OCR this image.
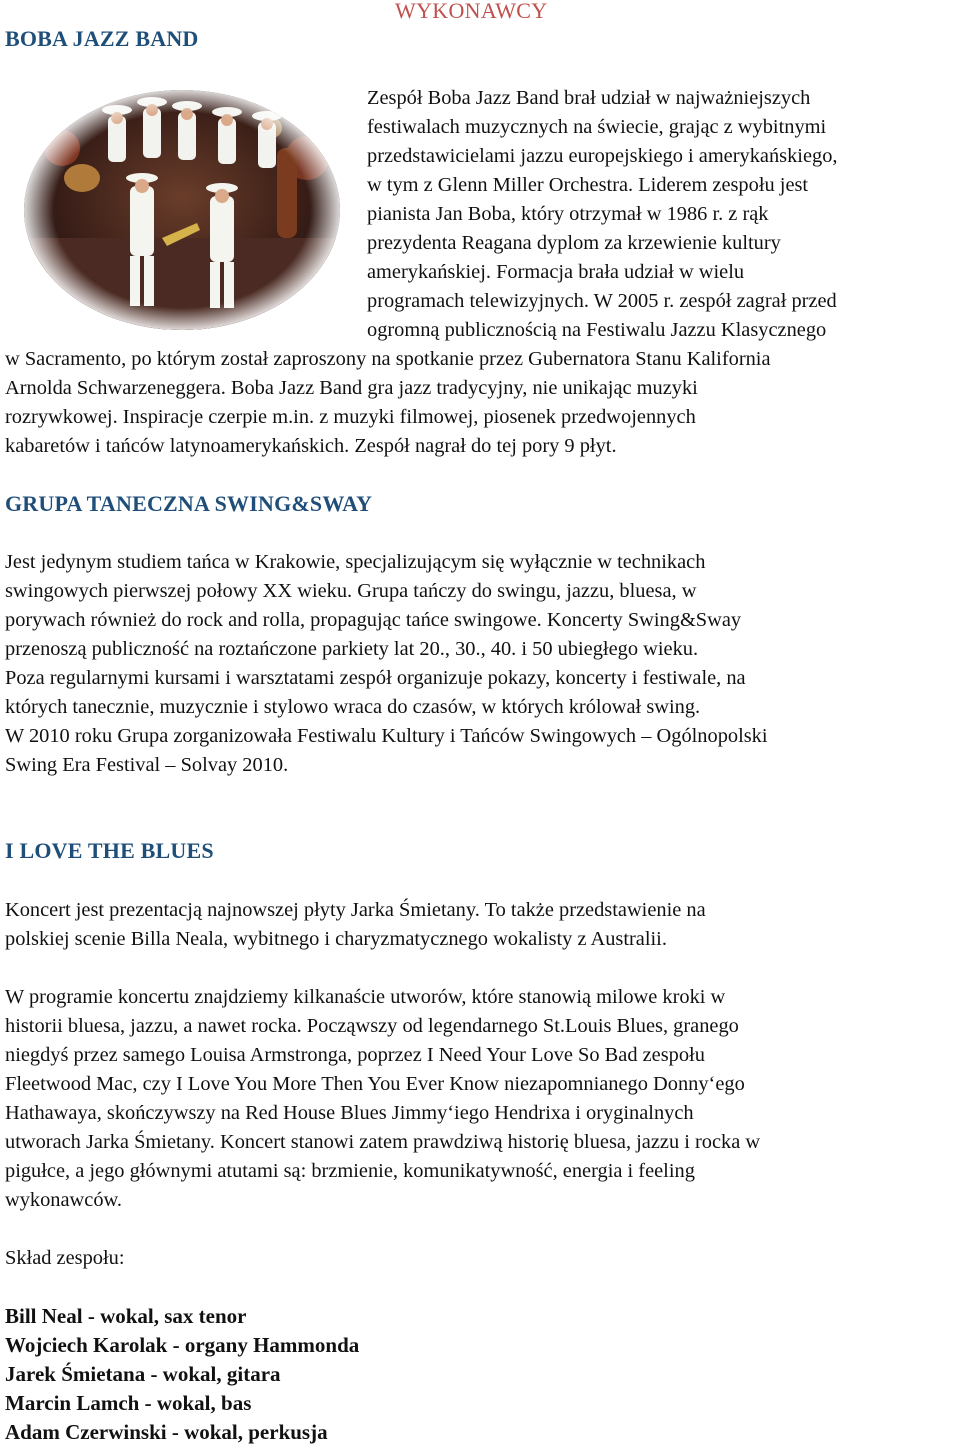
WYKONAWCY
BOBA JAZZ BAND
Zespół Boba Jazz Band brał udział w najważniejszych
festiwalach muzycznych na świecie, grając z wybitnymi
przedstawicielami jazzu europejskiego i amerykańskiego,
w tym z Glenn Miller Orchestra. Liderem zespołu jest
pianista Jan Boba, który otrzymał w 1986 r. z rąk
prezydenta Reagana dyplom za krzewienie kultury
amerykańskiej. Formacja brała udział w wielu
programach telewizyjnych. W 2005 r. zespół zagrał przed
ogromną publicznością na Festiwalu Jazzu Klasycznego
w Sacramento, po którym został zaproszony na spotkanie przez Gubernatora Stanu Kalifornia
Arnolda Schwarzeneggera. Boba Jazz Band gra jazz tradycyjny, nie unikając muzyki
rozrywkowej. Inspiracje czerpie m.in. z muzyki filmowej, piosenek przedwojennych
kabaretów i tańców latynoamerykańskich. Zespół nagrał do tej pory 9 płyt.
GRUPA TANECZNA SWING&SWAY
Jest jedynym studiem tańca w Krakowie, specjalizującym się wyłącznie w technikach
swingowych pierwszej połowy XX wieku. Grupa tańczy do swingu, jazzu, bluesa, w
porywach również do rock and rolla, propagując tańce swingowe. Koncerty Swing&Sway
przenoszą publiczność na roztańczone parkiety lat 20., 30., 40. i 50 ubiegłego wieku.
Poza regularnymi kursami i warsztatami zespół organizuje pokazy, koncerty i festiwale, na
których tanecznie, muzycznie i stylowo wraca do czasów, w których królował swing.
W 2010 roku Grupa zorganizowała Festiwalu Kultury i Tańców Swingowych – Ogólnopolski
Swing Era Festival – Solvay 2010.
I LOVE THE BLUES
Koncert jest prezentacją najnowszej płyty Jarka Śmietany. To także przedstawienie na
polskiej scenie Billa Neala, wybitnego i charyzmatycznego wokalisty z Australii.
W programie koncertu znajdziemy kilkanaście utworów, które stanowią milowe kroki w
historii bluesa, jazzu, a nawet rocka. Począwszy od legendarnego St.Louis Blues, granego
niegdyś przez samego Louisa Armstronga, poprzez I Need Your Love So Bad zespołu
Fleetwood Mac, czy I Love You More Then You Ever Know niezapomnianego Donny‘ego
Hathawaya, skończywszy na Red House Blues Jimmy‘iego Hendrixa i oryginalnych
utworach Jarka Śmietany. Koncert stanowi zatem prawdziwą historię bluesa, jazzu i rocka w
pigułce, a jego głównymi atutami są: brzmienie, komunikatywność, energia i feeling
wykonawców.
Skład zespołu:
Bill Neal - wokal, sax tenor
Wojciech Karolak - organy Hammonda
Jarek Śmietana - wokal, gitara
Marcin Lamch - wokal, bas
Adam Czerwinski - wokal, perkusja
